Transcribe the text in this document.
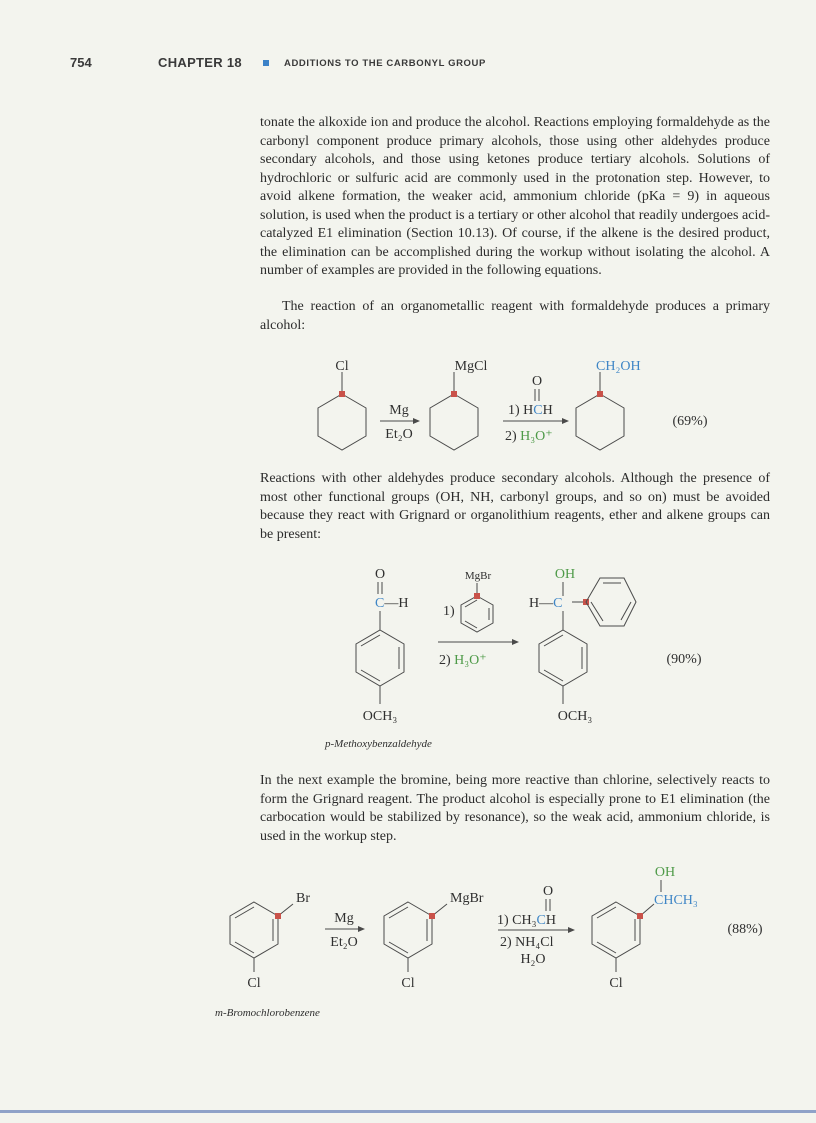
754	CHAPTER 18	ADDITIONS TO THE CARBONYL GROUP

tonate the alkoxide ion and produce the alcohol. Reactions employing formaldehyde as the carbonyl component produce primary alcohols, those using other aldehydes produce secondary alcohols, and those using ketones produce tertiary alcohols. Solutions of hydrochloric or sulfuric acid are commonly used in the protonation step. However, to avoid alkene formation, the weaker acid, ammonium chloride (pKa = 9) in aqueous solution, is used when the product is a tertiary or other alcohol that readily undergoes acid-catalyzed E1 elimination (Section 10.13). Of course, if the alkene is the desired product, the elimination can be accomplished during the workup without isolating the alcohol. A number of examples are provided in the following equations.

The reaction of an organometallic reagent with formaldehyde produces a primary alcohol:

Reactions with other aldehydes produce secondary alcohols. Although the presence of most other functional groups (OH, NH, carbonyl groups, and so on) must be avoided because they react with Grignard or organolithium reagents, ether and alkene groups can be present:

In the next example the bromine, being more reactive than chlorine, selectively reacts to form the Grignard reagent. The product alcohol is especially prone to E1 elimination (the carbocation would be stabilized by resonance), so the weak acid, ammonium chloride, is used in the workup step.

Cl
Mg
Et₂O
MgCl
O
1) HCH
2) H₃O⁺
CH₂OH
(69%)
O
C—H
OCH₃
p-Methoxybenzaldehyde
1)
MgBr
2) H₃O⁺
OH
H—C
OCH₃
(90%)
Br
Cl
m-Bromochlorobenzene
Mg
Et₂O
MgBr
Cl
O
1) CH₃CH
2) NH₄Cl
H₂O
OH
CHCH₃
Cl
(88%)
